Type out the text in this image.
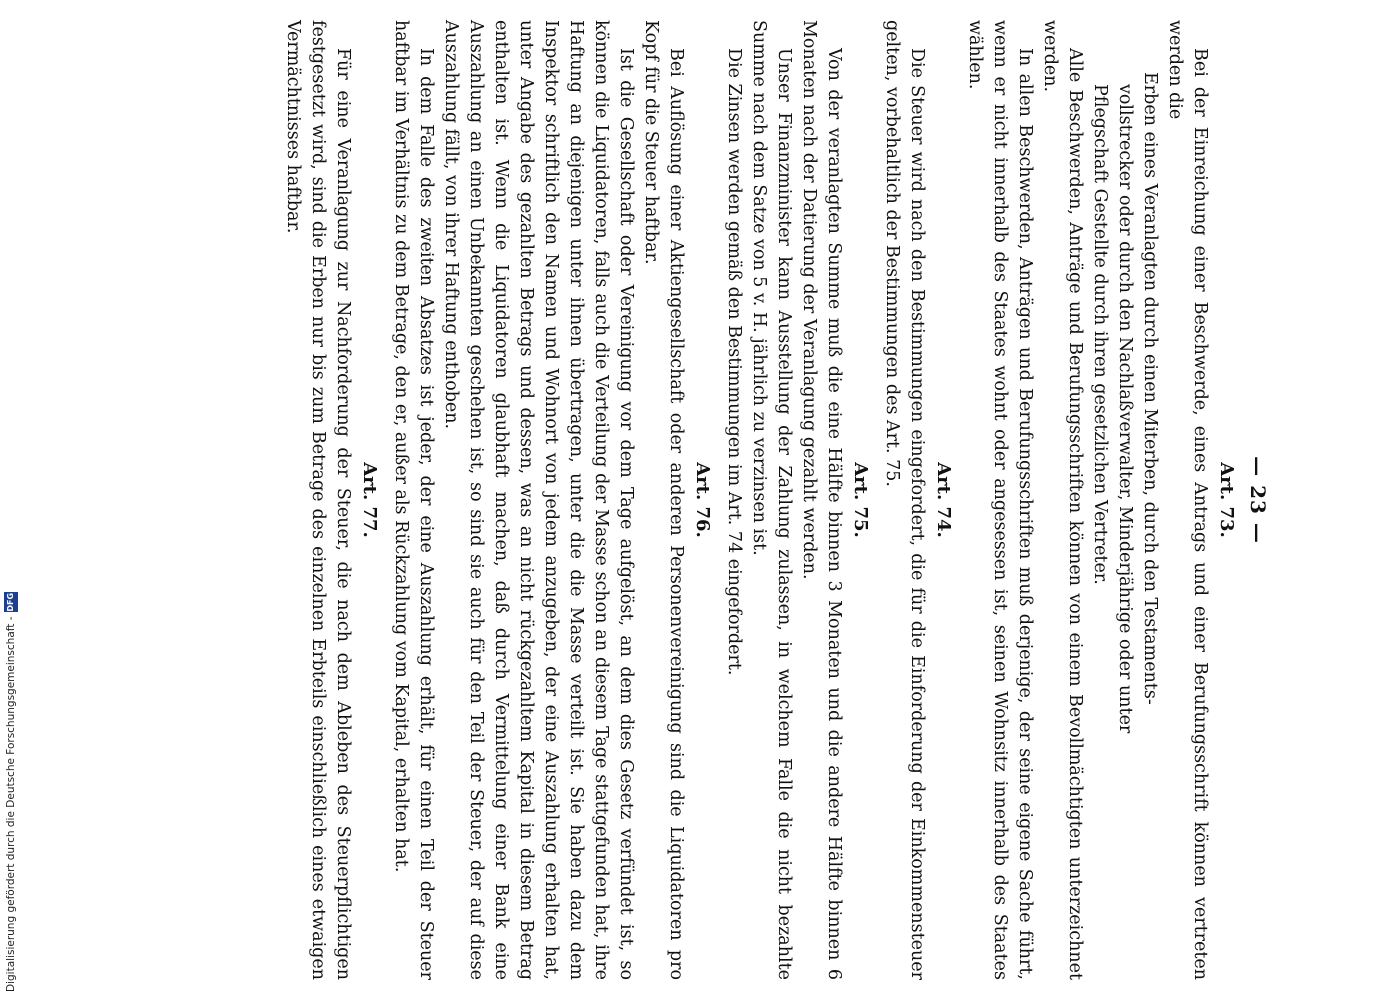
— 23 —
Art. 73.

Bei der Einreichung einer Beschwerde, eines Antrags und einer Berufungsschrift können vertreten werden die

Erben eines Veranlagten durch einen Miterben, durch den Testaments-
vollstrecker oder durch den Nachlaßverwalter, Minderjährige oder unter
Pflegschaft Gestellte durch ihren gesetzlichen Vertreter.

Alle Beschwerden, Anträge und Berufungsschriften können von einem Bevollmächtigten unterzeichnet werden.

In allen Beschwerden, Anträgen und Berufungsschriften muß derjenige, der seine eigene Sache führt, wenn er nicht innerhalb des Staates wohnt oder angesessen ist, seinen Wohnsitz innerhalb des Staates wählen.

Art. 74.

Die Steuer wird nach den Bestimmungen eingefordert, die für die Einforderung der Einkommensteuer gelten, vorbehaltlich der Bestimmungen des Art. 75.

Art. 75.

Von der veranlagten Summe muß die eine Hälfte binnen 3 Monaten und die andere Hälfte binnen 6 Monaten nach der Datierung der Veranlagung gezahlt werden.

Unser Finanzminister kann Ausstellung der Zahlung zulassen, in welchem Falle die nicht bezahlte Summe nach dem Satze von 5 v. H. jährlich zu verzinsen ist.

Die Zinsen werden gemäß den Bestimmungen im Art. 74 eingefordert.

Art. 76.

Bei Auflösung einer Aktiengesellschaft oder anderen Personenvereinigung sind die Liquidatoren pro Kopf für die Steuer haftbar.

Ist die Gesellschaft oder Vereinigung vor dem Tage aufgelöst, an dem dies Gesetz verfündet ist, so können die Liquidatoren, falls auch die Verteilung der Masse schon an diesem Tage stattgefunden hat, ihre Haftung an diejenigen unter ihnen übertragen, unter die die Masse verteilt ist. Sie haben dazu dem Inspektor schriftlich den Namen und Wohnort von jedem anzugeben, der eine Auszahlung erhalten hat, unter Angabe des gezahlten Betrags und dessen, was an nicht rückgezahltem Kapital in diesem Betrag enthalten ist. Wenn die Liquidatoren glaubhaft machen, daß durch Vermittelung einer Bank eine Auszahlung an einen Unbekannten geschehen ist, so sind sie auch für den Teil der Steuer, der auf diese Auszahlung fällt, von ihrer Haftung enthoben.

In dem Falle des zweiten Absatzes ist jeder, der eine Auszahlung erhält, für einen Teil der Steuer haftbar im Verhältnis zu dem Betrage, den er, außer als Rückzahlung vom Kapital, erhalten hat.

Art. 77.

Für eine Veranlagung zur Nachforderung der Steuer, die nach dem Ableben des Steuerpflichtigen festgesetzt wird, sind die Erben nur bis zum Betrage des einzelnen Erbteils einschließlich eines etwaigen Vermächtnisses haftbar.

Digitalisierung gefördert durch die Deutsche Forschungsgemeinschaft -
DFG
